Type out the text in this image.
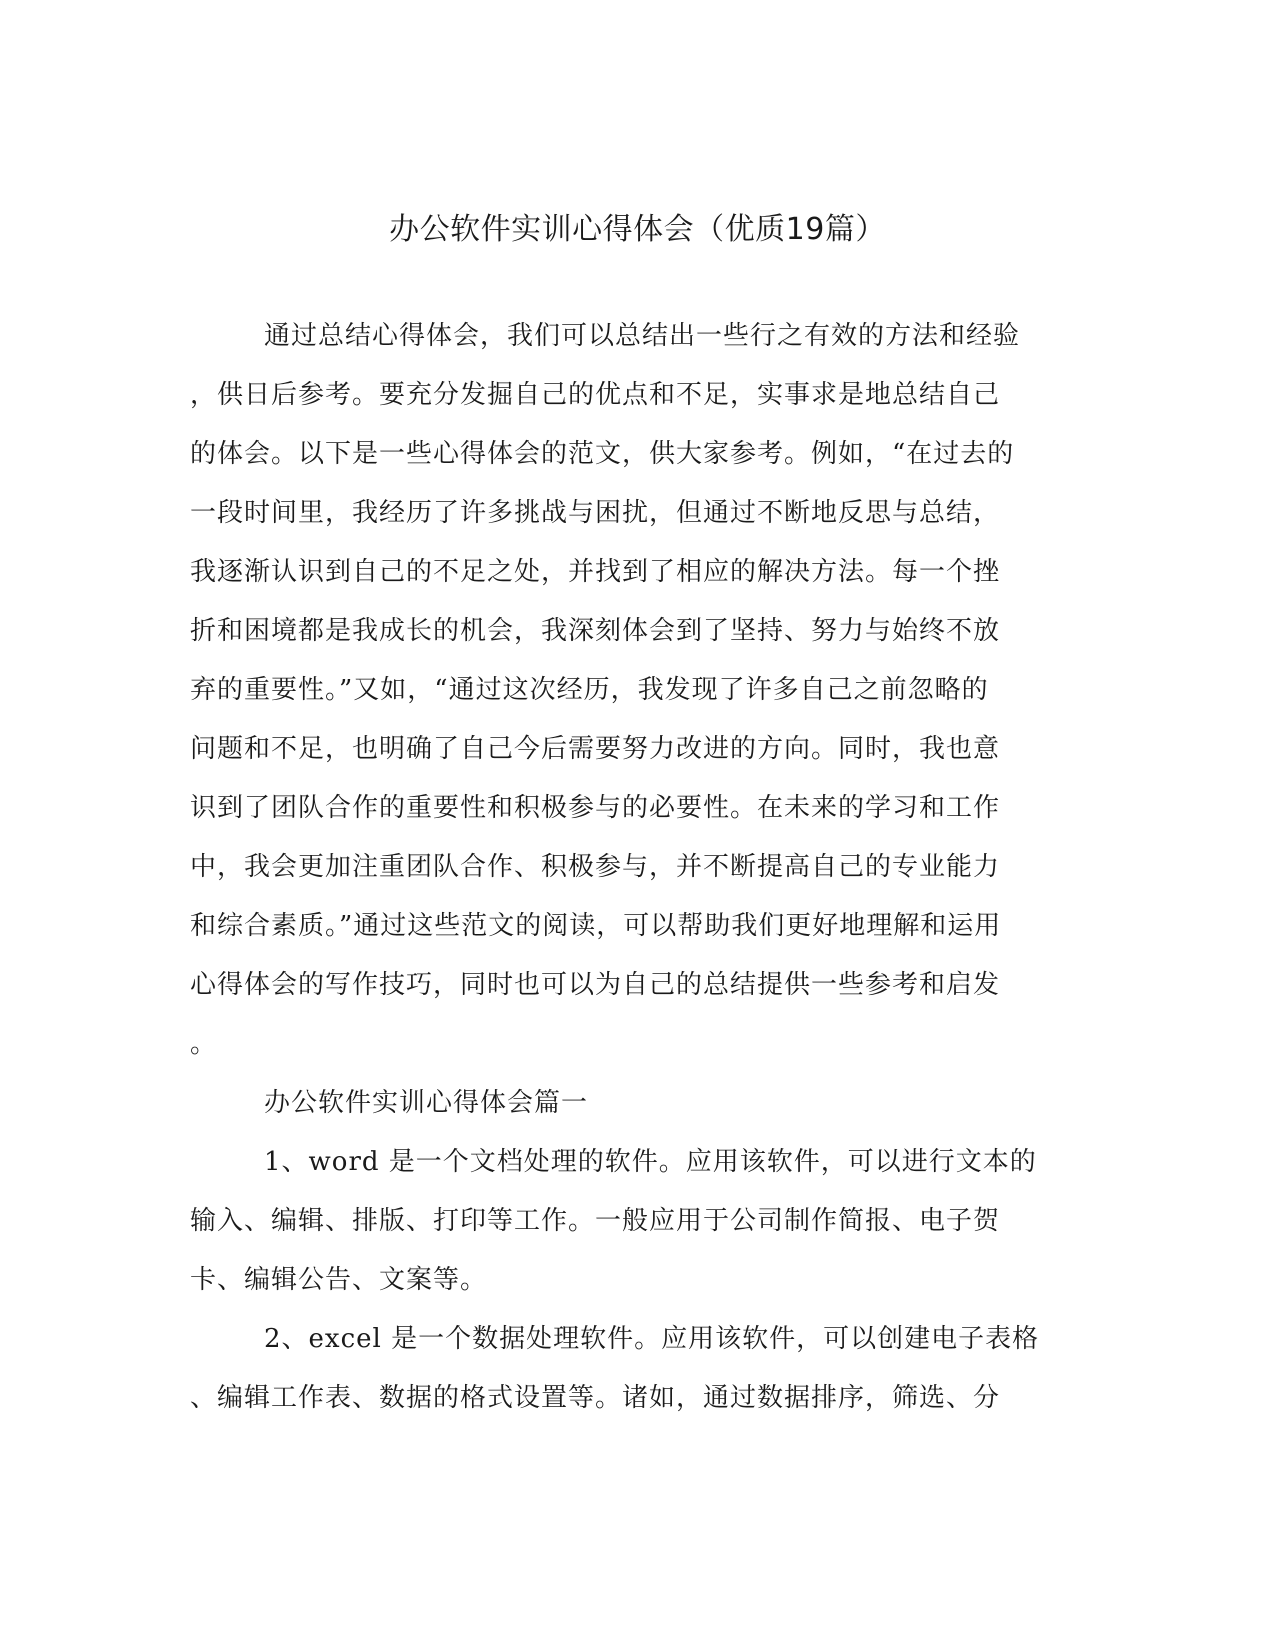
办公软件实训心得体会（优质19篇）
通过总结心得体会，我们可以总结出一些行之有效的方法和经验
，供日后参考。要充分发掘自己的优点和不足，实事求是地总结自己
的体会。以下是一些心得体会的范文，供大家参考。例如，“在过去的
一段时间里，我经历了许多挑战与困扰，但通过不断地反思与总结，
我逐渐认识到自己的不足之处，并找到了相应的解决方法。每一个挫
折和困境都是我成长的机会，我深刻体会到了坚持、努力与始终不放
弃的重要性。”又如，“通过这次经历，我发现了许多自己之前忽略的
问题和不足，也明确了自己今后需要努力改进的方向。同时，我也意
识到了团队合作的重要性和积极参与的必要性。在未来的学习和工作
中，我会更加注重团队合作、积极参与，并不断提高自己的专业能力
和综合素质。”通过这些范文的阅读，可以帮助我们更好地理解和运用
心得体会的写作技巧，同时也可以为自己的总结提供一些参考和启发
。
办公软件实训心得体会篇一
1、word 是一个文档处理的软件。应用该软件，可以进行文本的
输入、编辑、排版、打印等工作。一般应用于公司制作简报、电子贺
卡、编辑公告、文案等。
2、excel 是一个数据处理软件。应用该软件，可以创建电子表格
、编辑工作表、数据的格式设置等。诸如，通过数据排序，筛选、分
